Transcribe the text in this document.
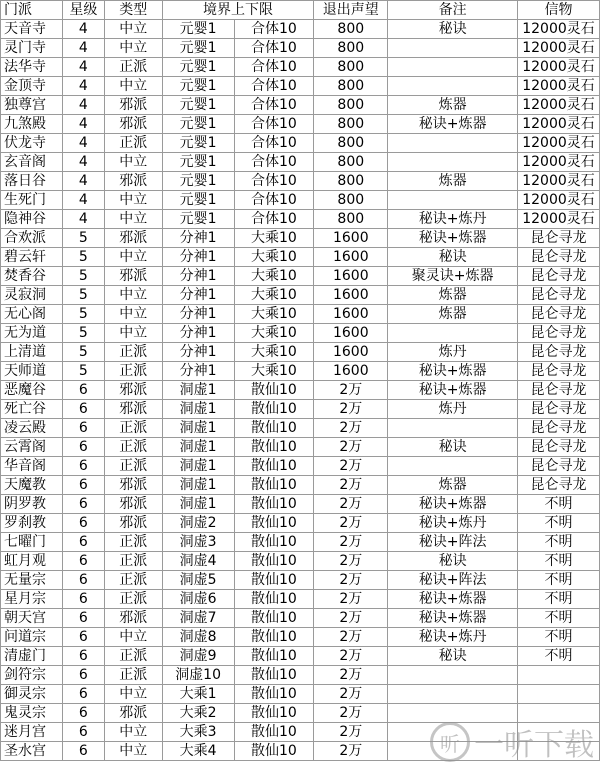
门派	星级	类型	境界上下限		退出声望	备注	信物
天音寺	4	中立	元婴1	合体10	800	秘诀	12000灵石
灵门寺	4	中立	元婴1	合体10	800		12000灵石
法华寺	4	正派	元婴1	合体10	800		12000灵石
金顶寺	4	中立	元婴1	合体10	800		12000灵石
独尊宫	4	邪派	元婴1	合体10	800	炼器	12000灵石
九煞殿	4	邪派	元婴1	合体10	800	秘诀+炼器	12000灵石
伏龙寺	4	正派	元婴1	合体10	800		12000灵石
玄音阁	4	中立	元婴1	合体10	800		12000灵石
落日谷	4	邪派	元婴1	合体10	800	炼器	12000灵石
生死门	4	中立	元婴1	合体10	800		12000灵石
隐神谷	4	中立	元婴1	合体10	800	秘诀+炼丹	12000灵石
合欢派	5	邪派	分神1	大乘10	1600	秘诀+炼器	昆仑寻龙
碧云轩	5	中立	分神1	大乘10	1600	秘诀	昆仑寻龙
焚香谷	5	邪派	分神1	大乘10	1600	聚灵诀+炼器	昆仑寻龙
灵寂洞	5	中立	分神1	大乘10	1600	炼器	昆仑寻龙
无心阁	5	中立	分神1	大乘10	1600	炼器	昆仑寻龙
无为道	5	中立	分神1	大乘10	1600		昆仑寻龙
上清道	5	正派	分神1	大乘10	1600	炼丹	昆仑寻龙
天师道	5	正派	分神1	大乘10	1600	秘诀+炼器	昆仑寻龙
恶魔谷	6	邪派	洞虚1	散仙10	2万	秘诀+炼器	昆仑寻龙
死亡谷	6	邪派	洞虚1	散仙10	2万	炼丹	昆仑寻龙
凌云殿	6	正派	洞虚1	散仙10	2万		昆仑寻龙
云霄阁	6	正派	洞虚1	散仙10	2万	秘诀	昆仑寻龙
华音阁	6	正派	洞虚1	散仙10	2万		昆仑寻龙
天魔教	6	邪派	洞虚1	散仙10	2万	炼器	昆仑寻龙
阴罗教	6	邪派	洞虚1	散仙10	2万	秘诀+炼器	不明
罗刹教	6	邪派	洞虚2	散仙10	2万	秘诀+炼丹	不明
七曜门	6	正派	洞虚3	散仙10	2万	秘诀+阵法	不明
虹月观	6	正派	洞虚4	散仙10	2万	秘诀	不明
无量宗	6	正派	洞虚5	散仙10	2万	秘诀+阵法	不明
星月宗	6	正派	洞虚6	散仙10	2万	秘诀+炼器	不明
朝天宫	6	邪派	洞虚7	散仙10	2万	秘诀+炼器	不明
问道宗	6	中立	洞虚8	散仙10	2万	秘诀+炼丹	不明
清虚门	6	正派	洞虚9	散仙10	2万	秘诀	不明
剑符宗	6	正派	洞虚10	散仙10	2万		
御灵宗	6	中立	大乘1	散仙10	2万		
鬼灵宗	6	邪派	大乘2	散仙10	2万		
迷月宫	6	中立	大乘3	散仙10	2万		
圣水宫	6	中立	大乘4	散仙10	2万			听 一听下载
